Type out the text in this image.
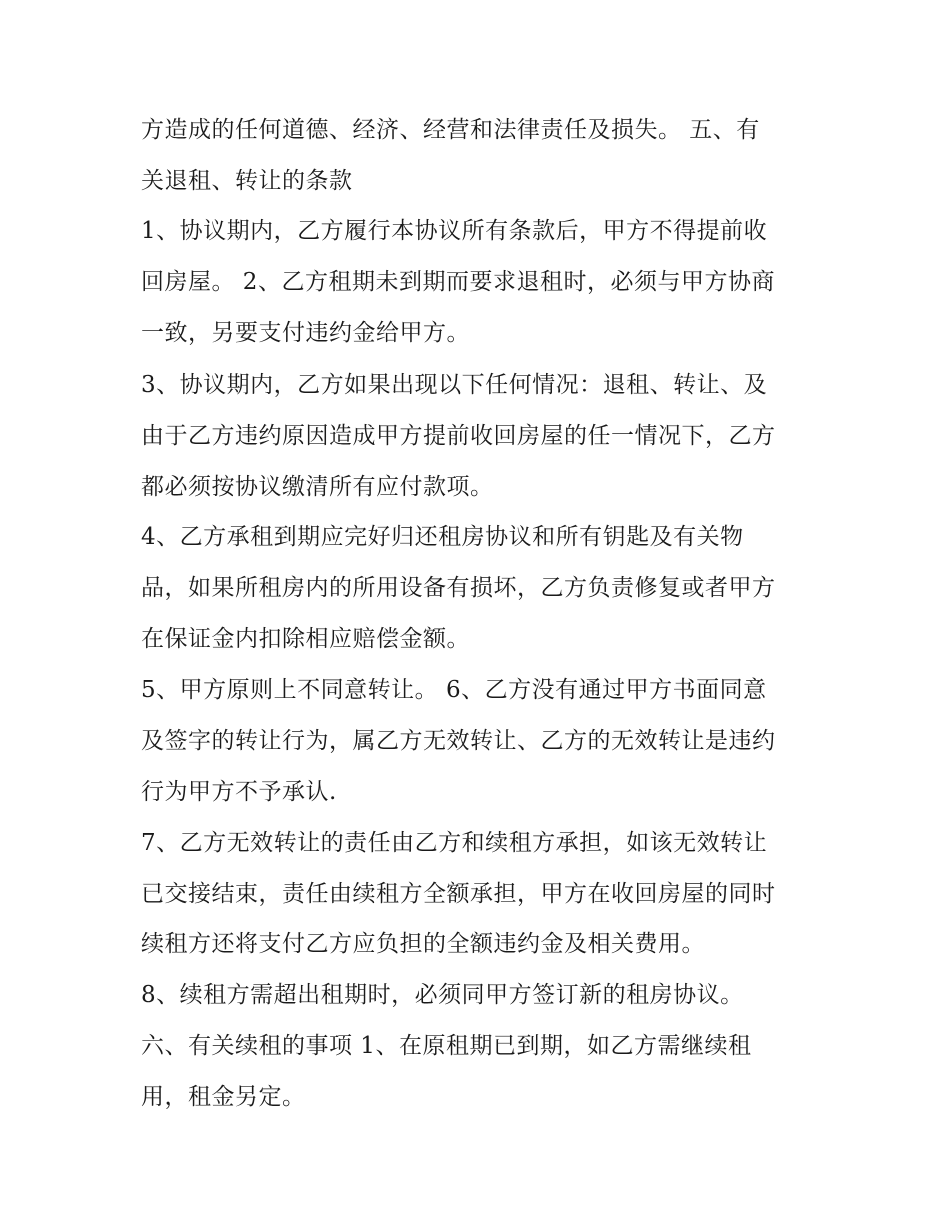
方造成的任何道德、经济、经营和法律责任及损失。 五、有
关退租、转让的条款
1、协议期内，乙方履行本协议所有条款后，甲方不得提前收
回房屋。 2、乙方租期未到期而要求退租时，必须与甲方协商
一致，另要支付违约金给甲方。
3、协议期内，乙方如果出现以下任何情况：退租、转让、及
由于乙方违约原因造成甲方提前收回房屋的任一情况下，乙方
都必须按协议缴清所有应付款项。
4、乙方承租到期应完好归还租房协议和所有钥匙及有关物
品，如果所租房内的所用设备有损坏，乙方负责修复或者甲方
在保证金内扣除相应赔偿金额。
5、甲方原则上不同意转让。 6、乙方没有通过甲方书面同意
及签字的转让行为，属乙方无效转让、乙方的无效转让是违约
行为甲方不予承认.
7、乙方无效转让的责任由乙方和续租方承担，如该无效转让
已交接结束，责任由续租方全额承担，甲方在收回房屋的同时
续租方还将支付乙方应负担的全额违约金及相关费用。
8、续租方需超出租期时，必须同甲方签订新的租房协议。
六、有关续租的事项 1、在原租期已到期，如乙方需继续租
用，租金另定。
